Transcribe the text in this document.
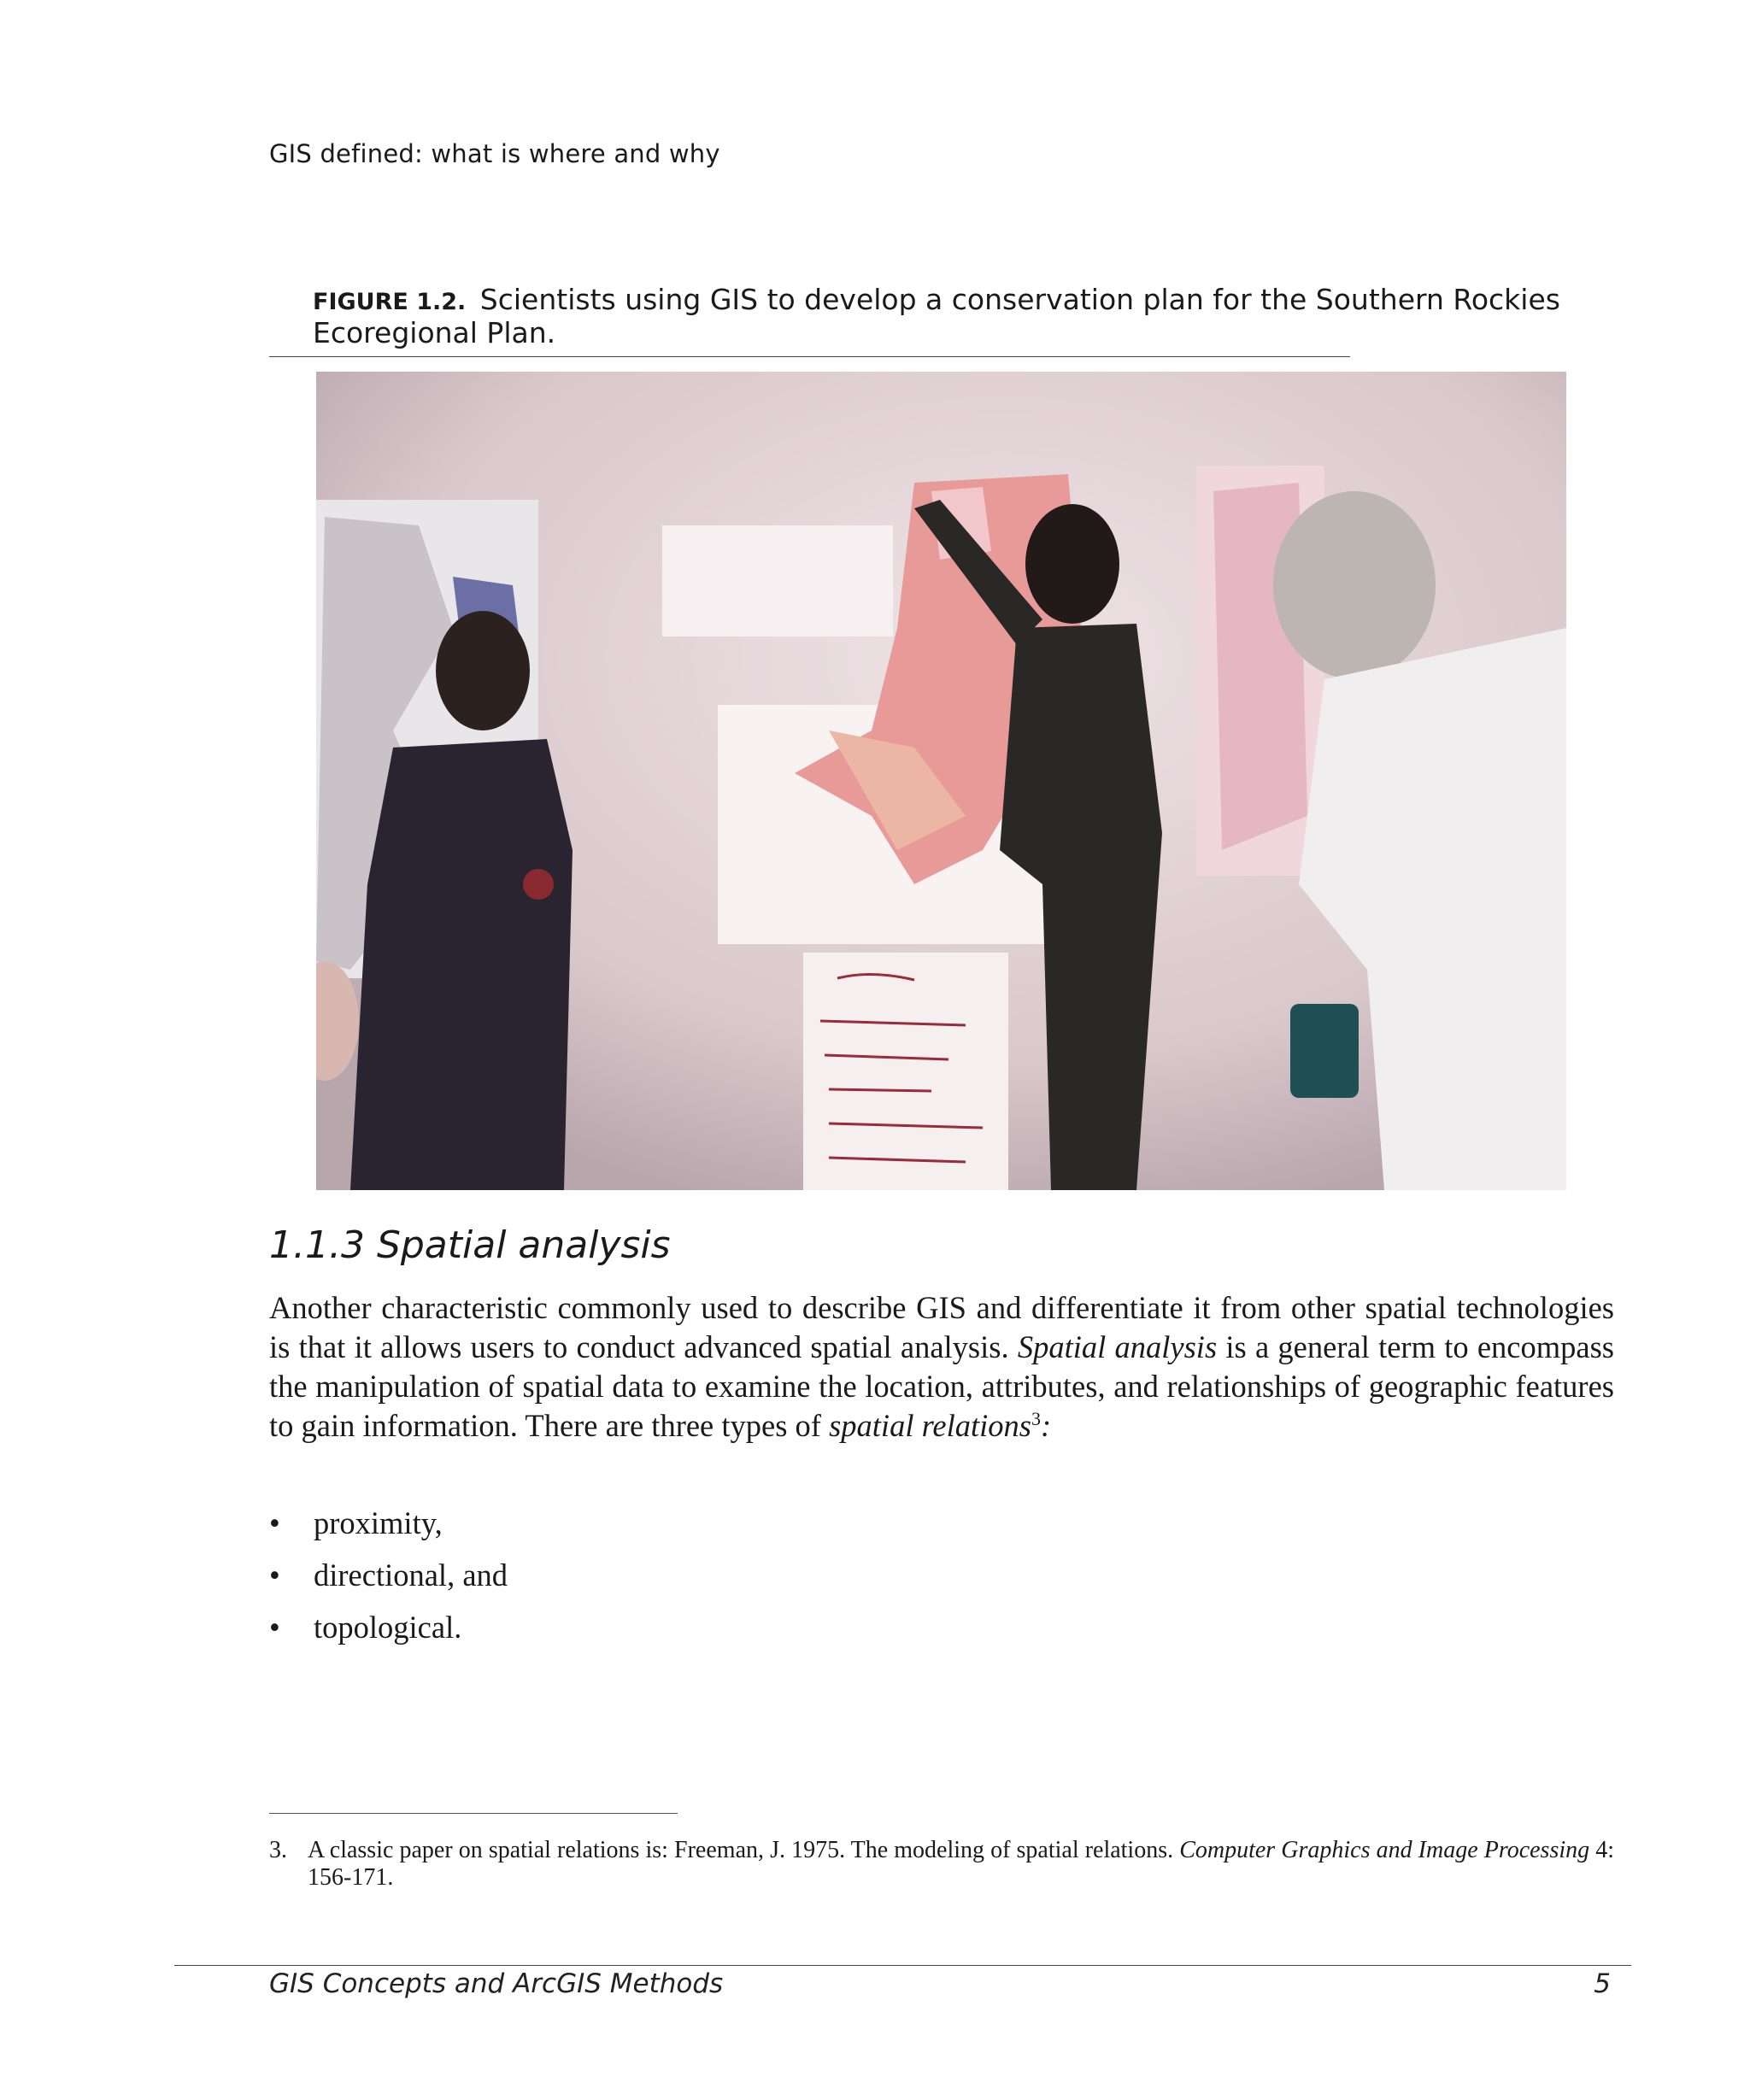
GIS defined: what is where and why
FIGURE 1.2. Scientists using GIS to develop a conservation plan for the Southern Rockies Ecoregional Plan.
1.1.3 Spatial analysis

Another characteristic commonly used to describe GIS and differentiate it from other spatial technologies is that it allows users to conduct advanced spatial analysis. Spatial analysis is a general term to encompass the manipulation of spatial data to examine the location, attributes, and relationships of geographic features to gain information. There are three types of spatial relations$^3$:

•	proximity,
•	directional, and
•	topological.
3. A classic paper on spatial relations is: Freeman, J. 1975. The modeling of spatial relations. Computer Graphics and Image Processing 4: 156-171.
GIS Concepts and ArcGIS Methods	5
